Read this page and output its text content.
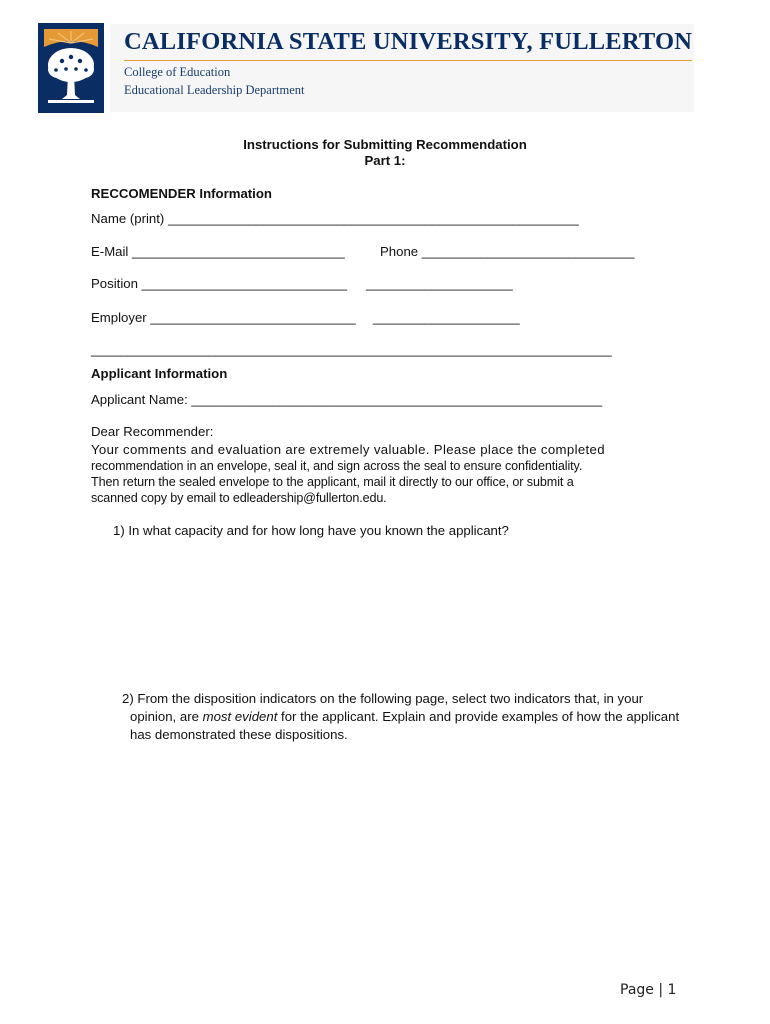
CALIFORNIA STATE UNIVERSITY, FULLERTON
College of Education
Educational Leadership Department
Instructions for Submitting Recommendation
Part 1:
RECCOMENDER Information
Name (print) ________________________________________________________
E-Mail _____________________________	Phone _____________________________
Position ____________________________ ____________________
Employer ____________________________ ____________________
_______________________________________________________________________
Applicant Information
Applicant Name: ________________________________________________________
Dear Recommender:
Your comments and evaluation are extremely valuable. Please place the completed
recommendation in an envelope, seal it, and sign across the seal to ensure confidentiality.
Then return the sealed envelope to the applicant, mail it directly to our office, or submit a
scanned copy by email to edleadership@fullerton.edu.
1) In what capacity and for how long have you known the applicant?
2) From the disposition indicators on the following page, select two indicators that, in your opinion, are most evident for the applicant. Explain and provide examples of how the applicant has demonstrated these dispositions.
Page | 1
